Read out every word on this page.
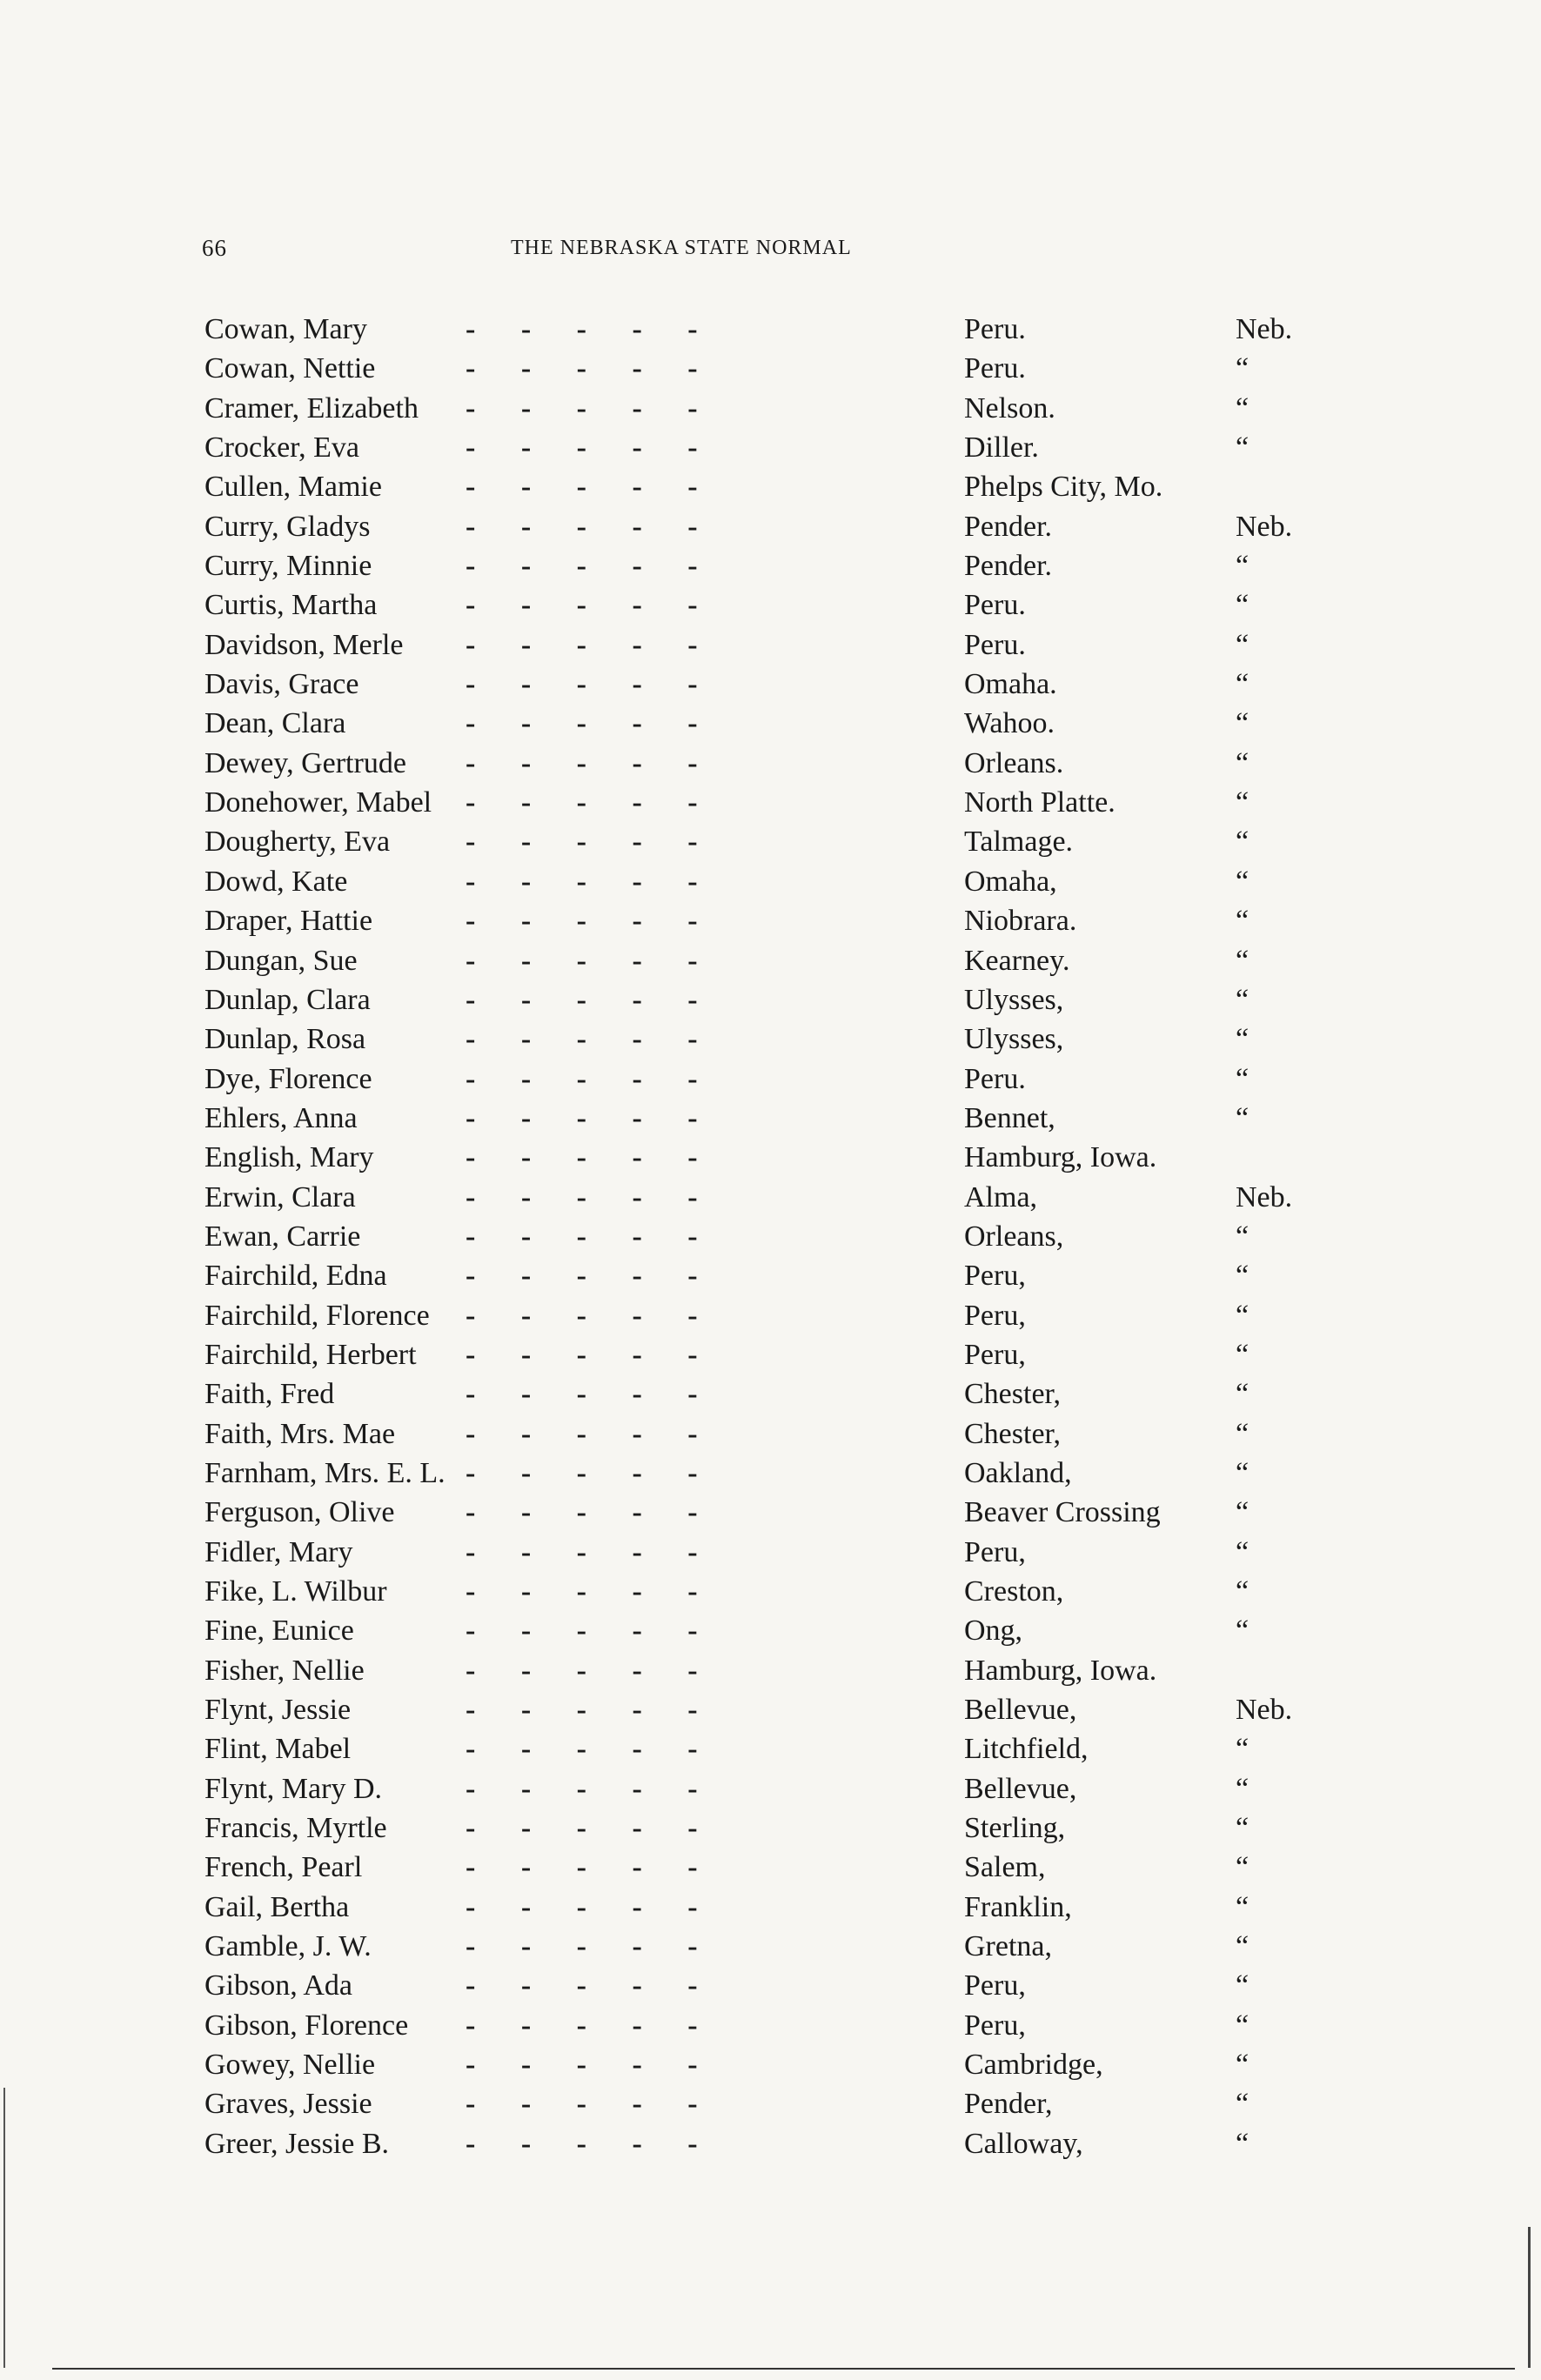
66	THE NEBRASKA STATE NORMAL
Cowan, Mary	- - - - -	Peru.	Neb.
Cowan, Nettie	- - - - -	Peru.	“
Cramer, Elizabeth - - - - -	Nelson.	“
Crocker, Eva	- - - - -	Diller.	“
Cullen, Mamie	- - - - -	Phelps City, Mo.
Curry, Gladys	- - - - -	Pender.	Neb.
Curry, Minnie	- - - - -	Pender.	“
Curtis, Martha	- - - - -	Peru.	“
Davidson, Merle - - - - -	Peru.	“
Davis, Grace	- - - - -	Omaha.	“
Dean, Clara	- - - - -	Wahoo.	“
Dewey, Gertrude - - - - -	Orleans.	“
Donehower, Mabel - - - - -	North Platte.	“
Dougherty, Eva	- - - - -	Talmage.	“
Dowd, Kate	- - - - -	Omaha,	“
Draper, Hattie	- - - - -	Niobrara.	“
Dungan, Sue	- - - - -	Kearney.	“
Dunlap, Clara	- - - - -	Ulysses,	“
Dunlap, Rosa	- - - - -	Ulysses,	“
Dye, Florence	- - - - -	Peru.	“
Ehlers, Anna	- - - - -	Bennet,	“
English, Mary	- - - - -	Hamburg, Iowa.
Erwin, Clara	- - - - -	Alma,	Neb.
Ewan, Carrie	- - - - -	Orleans,	“
Fairchild, Edna	- - - - -	Peru,	“
Fairchild, Florence - - - - -	Peru,	“
Fairchild, Herbert - - - - -	Peru,	“
Faith, Fred	- - - - -	Chester,	“
Faith, Mrs. Mae - - - - -	Chester,	“
Farnham, Mrs. E. L. - - - - -	Oakland,	“
Ferguson, Olive - - - - -	Beaver Crossing	“
Fidler, Mary	- - - - -	Peru,	“
Fike, L. Wilbur	- - - - -	Creston,	“
Fine, Eunice	- - - - -	Ong,	“
Fisher, Nellie	- - - - -	Hamburg, Iowa.
Flynt, Jessie	- - - - -	Bellevue,	Neb.
Flint, Mabel	- - - - -	Litchfield,	“
Flynt, Mary D.	- - - - -	Bellevue,	“
Francis, Myrtle	- - - - -	Sterling,	“
French, Pearl	- - - - -	Salem,	“
Gail, Bertha	- - - - -	Franklin,	“
Gamble, J. W.	- - - - -	Gretna,	“
Gibson, Ada	- - - - -	Peru,	“
Gibson, Florence - - - - -	Peru,	“
Gowey, Nellie	- - - - -	Cambridge,	“
Graves, Jessie	- - - - -	Pender,	“
Greer, Jessie B.	- - - - -	Calloway,	“
